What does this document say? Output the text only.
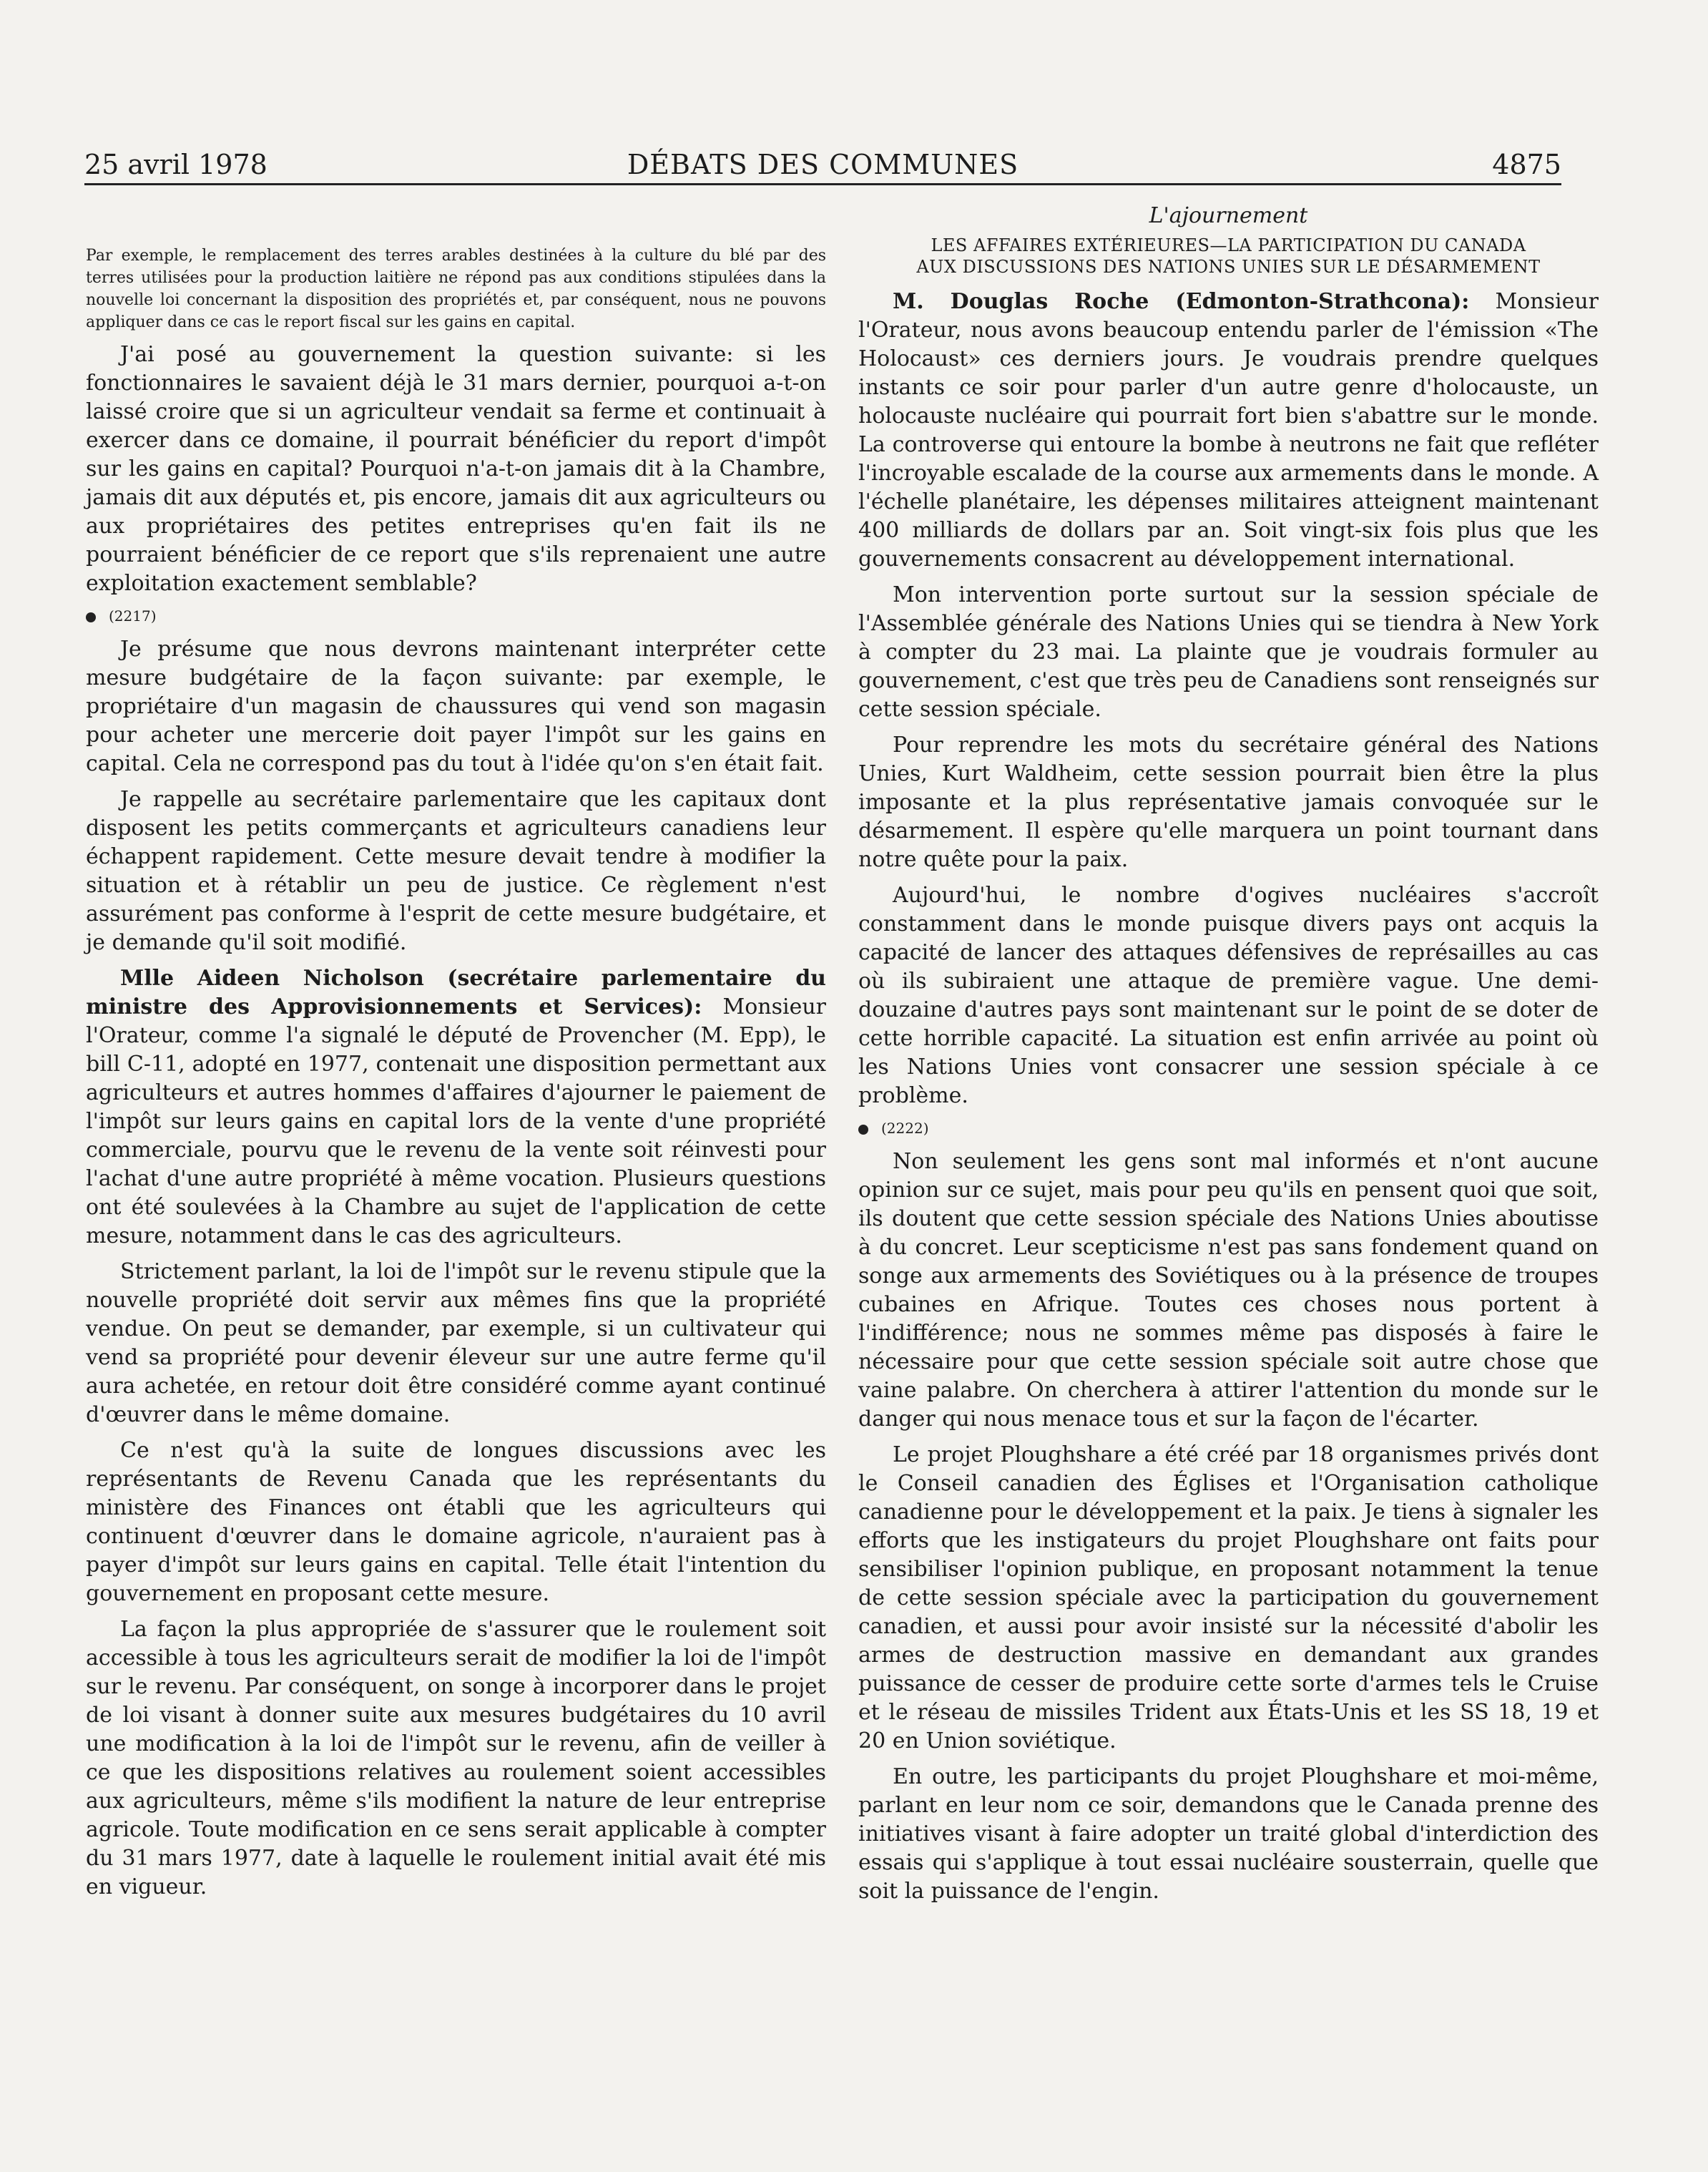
25 avril 1978	DÉBATS DES COMMUNES	4875
Par exemple, le remplacement des terres arables destinées à la culture du blé par des terres utilisées pour la production laitière ne répond pas aux conditions stipulées dans la nouvelle loi concernant la disposition des propriétés et, par conséquent, nous ne pouvons appliquer dans ce cas le report fiscal sur les gains en capital.

J'ai posé au gouvernement la question suivante: si les fonctionnaires le savaient déjà le 31 mars dernier, pourquoi a-t-on laissé croire que si un agriculteur vendait sa ferme et continuait à exercer dans ce domaine, il pourrait bénéficier du report d'impôt sur les gains en capital? Pourquoi n'a-t-on jamais dit à la Chambre, jamais dit aux députés et, pis encore, jamais dit aux agriculteurs ou aux propriétaires des petites entreprises qu'en fait ils ne pourraient bénéficier de ce report que s'ils reprenaient une autre exploitation exactement semblable?

(2217)

Je présume que nous devrons maintenant interpréter cette mesure budgétaire de la façon suivante: par exemple, le propriétaire d'un magasin de chaussures qui vend son magasin pour acheter une mercerie doit payer l'impôt sur les gains en capital. Cela ne correspond pas du tout à l'idée qu'on s'en était fait.

Je rappelle au secrétaire parlementaire que les capitaux dont disposent les petits commerçants et agriculteurs canadiens leur échappent rapidement. Cette mesure devait tendre à modifier la situation et à rétablir un peu de justice. Ce règlement n'est assurément pas conforme à l'esprit de cette mesure budgétaire, et je demande qu'il soit modifié.

Mlle Aideen Nicholson (secrétaire parlementaire du ministre des Approvisionnements et Services): Monsieur l'Orateur, comme l'a signalé le député de Provencher (M. Epp), le bill C-11, adopté en 1977, contenait une disposition permettant aux agriculteurs et autres hommes d'affaires d'ajourner le paiement de l'impôt sur leurs gains en capital lors de la vente d'une propriété commerciale, pourvu que le revenu de la vente soit réinvesti pour l'achat d'une autre propriété à même vocation. Plusieurs questions ont été soulevées à la Chambre au sujet de l'application de cette mesure, notamment dans le cas des agriculteurs.

Strictement parlant, la loi de l'impôt sur le revenu stipule que la nouvelle propriété doit servir aux mêmes fins que la propriété vendue. On peut se demander, par exemple, si un cultivateur qui vend sa propriété pour devenir éleveur sur une autre ferme qu'il aura achetée, en retour doit être considéré comme ayant continué d'œuvrer dans le même domaine.

Ce n'est qu'à la suite de longues discussions avec les représentants de Revenu Canada que les représentants du ministère des Finances ont établi que les agriculteurs qui continuent d'œuvrer dans le domaine agricole, n'auraient pas à payer d'impôt sur leurs gains en capital. Telle était l'intention du gouvernement en proposant cette mesure.

La façon la plus appropriée de s'assurer que le roulement soit accessible à tous les agriculteurs serait de modifier la loi de l'impôt sur le revenu. Par conséquent, on songe à incorporer dans le projet de loi visant à donner suite aux mesures budgétaires du 10 avril une modification à la loi de l'impôt sur le revenu, afin de veiller à ce que les dispositions relatives au roulement soient accessibles aux agriculteurs, même s'ils modifient la nature de leur entreprise agricole. Toute modification en ce sens serait applicable à compter du 31 mars 1977, date à laquelle le roulement initial avait été mis en vigueur.

L'ajournement
LES AFFAIRES EXTÉRIEURES—LA PARTICIPATION DU CANADA
AUX DISCUSSIONS DES NATIONS UNIES SUR LE DÉSARMEMENT

M. Douglas Roche (Edmonton-Strathcona): Monsieur l'Orateur, nous avons beaucoup entendu parler de l'émission «The Holocaust» ces derniers jours. Je voudrais prendre quelques instants ce soir pour parler d'un autre genre d'holocauste, un holocauste nucléaire qui pourrait fort bien s'abattre sur le monde. La controverse qui entoure la bombe à neutrons ne fait que refléter l'incroyable escalade de la course aux armements dans le monde. A l'échelle planétaire, les dépenses militaires atteignent maintenant 400 milliards de dollars par an. Soit vingt-six fois plus que les gouvernements consacrent au développement international.

Mon intervention porte surtout sur la session spéciale de l'Assemblée générale des Nations Unies qui se tiendra à New York à compter du 23 mai. La plainte que je voudrais formuler au gouvernement, c'est que très peu de Canadiens sont renseignés sur cette session spéciale.

Pour reprendre les mots du secrétaire général des Nations Unies, Kurt Waldheim, cette session pourrait bien être la plus imposante et la plus représentative jamais convoquée sur le désarmement. Il espère qu'elle marquera un point tournant dans notre quête pour la paix.

Aujourd'hui, le nombre d'ogives nucléaires s'accroît constamment dans le monde puisque divers pays ont acquis la capacité de lancer des attaques défensives de représailles au cas où ils subiraient une attaque de première vague. Une demi-douzaine d'autres pays sont maintenant sur le point de se doter de cette horrible capacité. La situation est enfin arrivée au point où les Nations Unies vont consacrer une session spéciale à ce problème.

(2222)

Non seulement les gens sont mal informés et n'ont aucune opinion sur ce sujet, mais pour peu qu'ils en pensent quoi que soit, ils doutent que cette session spéciale des Nations Unies aboutisse à du concret. Leur scepticisme n'est pas sans fondement quand on songe aux armements des Soviétiques ou à la présence de troupes cubaines en Afrique. Toutes ces choses nous portent à l'indifférence; nous ne sommes même pas disposés à faire le nécessaire pour que cette session spéciale soit autre chose que vaine palabre. On cherchera à attirer l'attention du monde sur le danger qui nous menace tous et sur la façon de l'écarter.

Le projet Ploughshare a été créé par 18 organismes privés dont le Conseil canadien des Églises et l'Organisation catholique canadienne pour le développement et la paix. Je tiens à signaler les efforts que les instigateurs du projet Ploughshare ont faits pour sensibiliser l'opinion publique, en proposant notamment la tenue de cette session spéciale avec la participation du gouvernement canadien, et aussi pour avoir insisté sur la nécessité d'abolir les armes de destruction massive en demandant aux grandes puissance de cesser de produire cette sorte d'armes tels le Cruise et le réseau de missiles Trident aux États-Unis et les SS 18, 19 et 20 en Union soviétique.

En outre, les participants du projet Ploughshare et moi-même, parlant en leur nom ce soir, demandons que le Canada prenne des initiatives visant à faire adopter un traité global d'interdiction des essais qui s'applique à tout essai nucléaire sousterrain, quelle que soit la puissance de l'engin.
